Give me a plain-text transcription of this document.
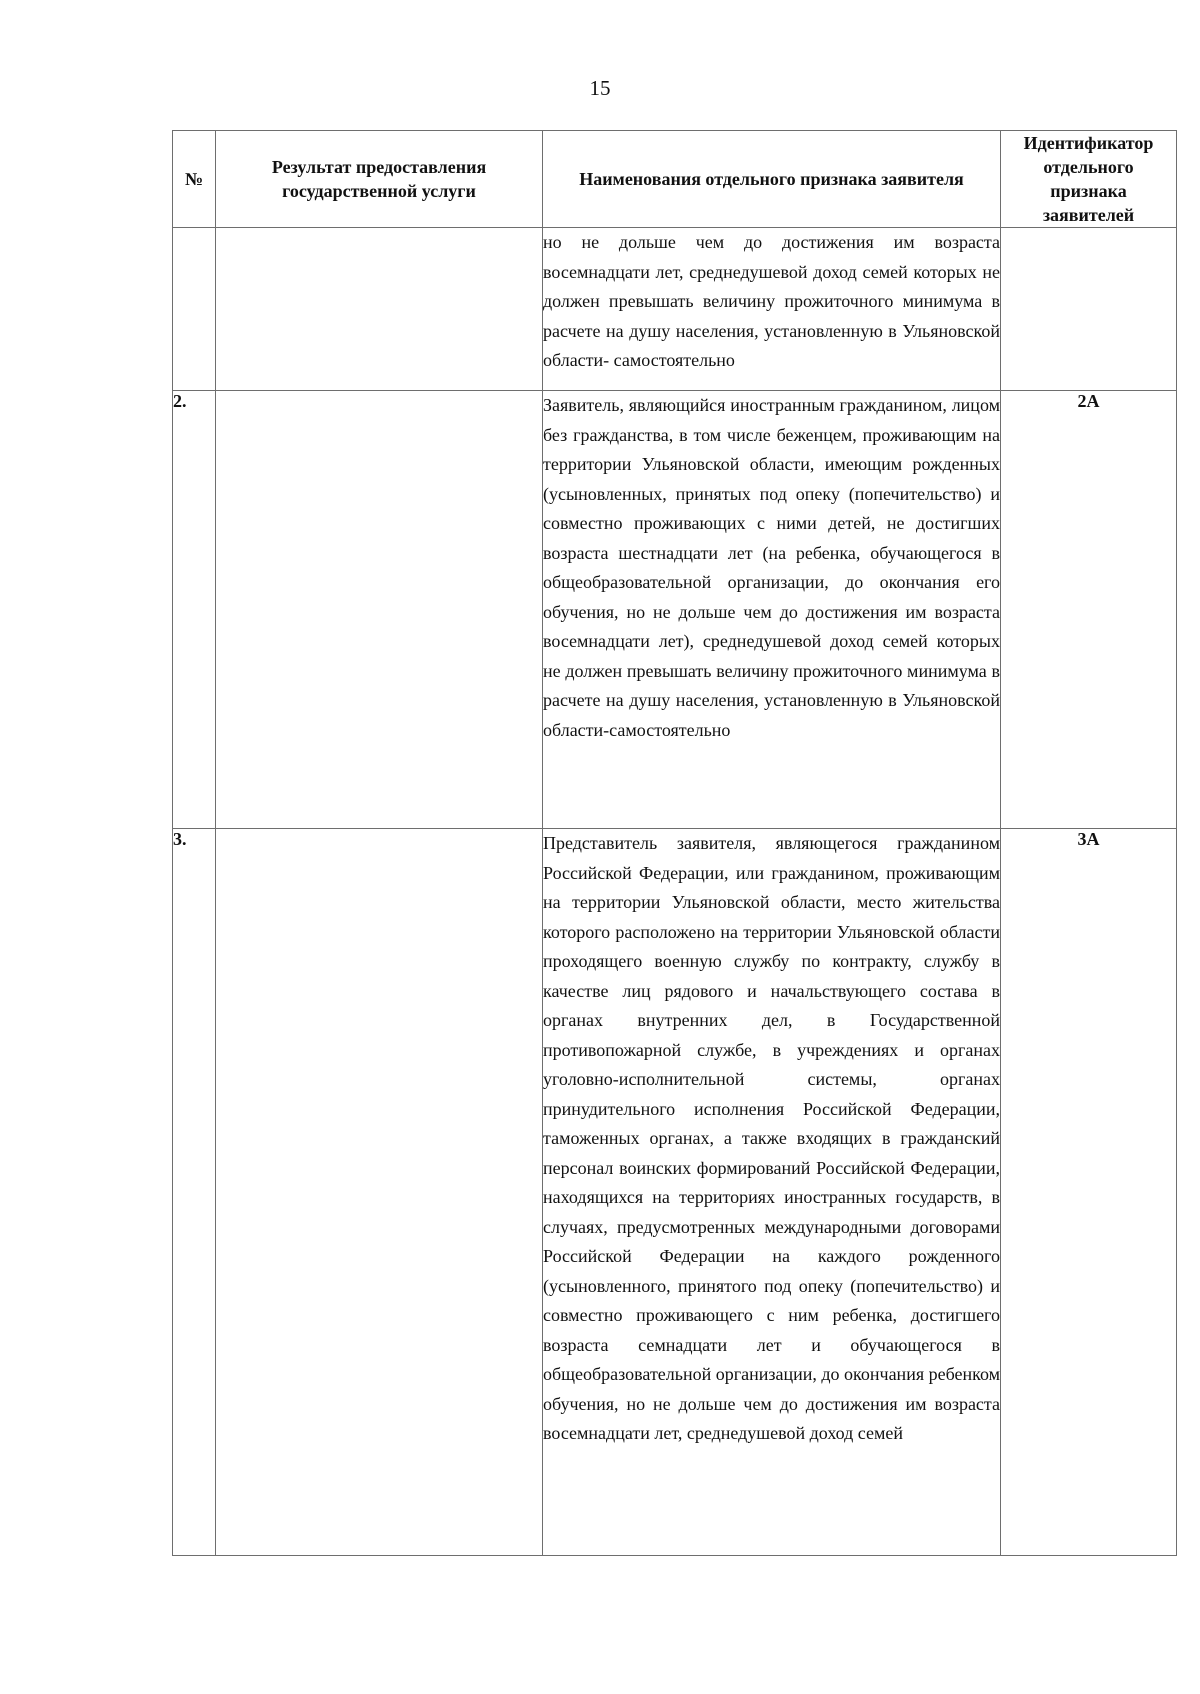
15
№	Результат предоставления государственной услуги	Наименования отдельного признака заявителя	Идентификатор отдельного признака заявителей

		но не дольше чем до достижения им возраста восемнадцати лет, среднедушевой доход семей которых не должен превышать величину прожиточного минимума в расчете на душу населения, установленную в Ульяновской области- самостоятельно	
2.		Заявитель, являющийся иностранным гражданином, лицом без гражданства, в том числе беженцем, проживающим на территории Ульяновской области, имеющим рожденных (усыновленных, принятых под опеку (попечительство) и совместно проживающих с ними детей, не достигших возраста шестнадцати лет (на ребенка, обучающегося в общеобразовательной организации, до окончания его обучения, но не дольше чем до достижения им возраста восемнадцати лет), среднедушевой доход семей которых не должен превышать величину прожиточного минимума в расчете на душу населения, установленную в Ульяновской области-самостоятельно	2А
3.		Представитель заявителя, являющегося гражданином Российской Федерации, или гражданином, проживающим на территории Ульяновской области, место жительства которого расположено на территории Ульяновской области проходящего военную службу по контракту, службу в качестве лиц рядового и начальствующего состава в органах внутренних дел, в Государственной противопожарной службе, в учреждениях и органах уголовно-исполнительной системы, органах принудительного исполнения Российской Федерации, таможенных органах, а также входящих в гражданский персонал воинских формирований Российской Федерации, находящихся на территориях иностранных государств, в случаях, предусмотренных международными договорами Российской Федерации на каждого рожденного (усыновленного, принятого под опеку (попечительство) и совместно проживающего с ним ребенка, достигшего возраста семнадцати лет и обучающегося в общеобразовательной организации, до окончания ребенком обучения, но не дольше чем до достижения им возраста восемнадцати лет, среднедушевой доход семей	3А
